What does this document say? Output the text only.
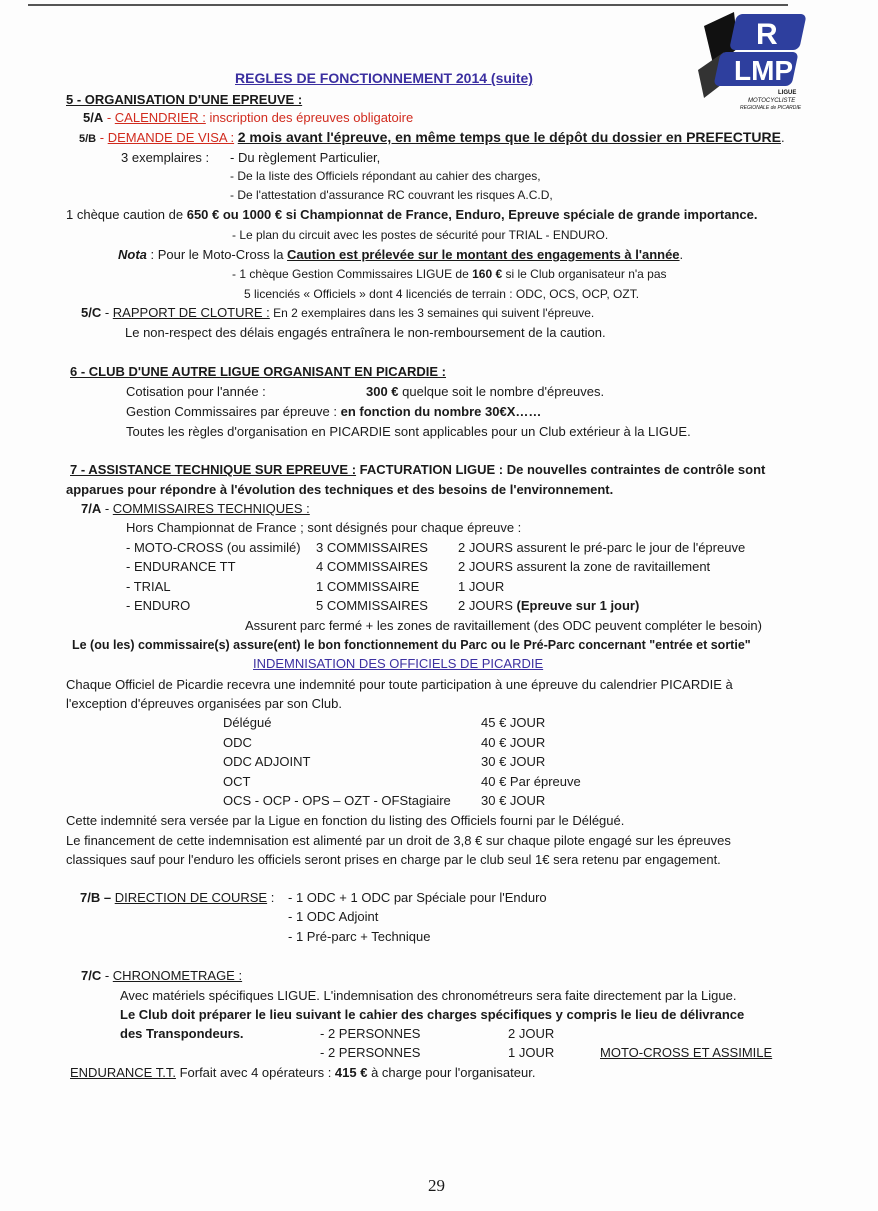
R
LMP
LIGUE
MOTOCYCLISTE
REGIONALE de PICARDIE
REGLES DE FONCTIONNEMENT 2014 (suite)
5 - ORGANISATION D'UNE EPREUVE :
5/A - CALENDRIER : inscription des épreuves obligatoire
5/B - DEMANDE DE VISA : 2 mois avant l'épreuve, en même temps que le dépôt du dossier en PREFECTURE.
3 exemplaires : - Du règlement Particulier,
- De la liste des Officiels répondant au cahier des charges,
- De l'attestation d'assurance RC couvrant les risques A.C.D,
1 chèque caution de 650 € ou 1000 € si Championnat de France, Enduro, Epreuve spéciale de grande importance.
- Le plan du circuit avec les postes de sécurité pour TRIAL - ENDURO.
Nota : Pour le Moto-Cross la Caution est prélevée sur le montant des engagements à l'année.
- 1 chèque Gestion Commissaires LIGUE de 160 € si le Club organisateur n'a pas
5 licenciés « Officiels » dont 4 licenciés de terrain : ODC, OCS, OCP, OZT.
5/C - RAPPORT DE CLOTURE : En 2 exemplaires dans les 3 semaines qui suivent l'épreuve.
Le non-respect des délais engagés entraînera le non-remboursement de la caution.
6 - CLUB D'UNE AUTRE LIGUE ORGANISANT EN PICARDIE :
Cotisation pour l'année :	300 € quelque soit le nombre d'épreuves.
Gestion Commissaires par épreuve : en fonction du nombre 30€X……
Toutes les règles d'organisation en PICARDIE sont applicables pour un Club extérieur à la LIGUE.
7 - ASSISTANCE TECHNIQUE SUR EPREUVE : FACTURATION LIGUE : De nouvelles contraintes de contrôle sont
apparues pour répondre à l'évolution des techniques et des besoins de l'environnement.
7/A - COMMISSAIRES TECHNIQUES :
Hors Championnat de France ; sont désignés pour chaque épreuve :
- MOTO-CROSS (ou assimilé) 3 COMMISSAIRES 2 JOURS assurent le pré-parc le jour de l'épreuve
- ENDURANCE TT	4 COMMISSAIRES 2 JOURS assurent la zone de ravitaillement
- TRIAL	1 COMMISSAIRE	1 JOUR
- ENDURO	5 COMMISSAIRES 2 JOURS (Epreuve sur 1 jour)
Assurent parc fermé + les zones de ravitaillement (des ODC peuvent compléter le besoin)
Le (ou les) commissaire(s) assure(ent) le bon fonctionnement du Parc ou le Pré-Parc concernant "entrée et sortie"
INDEMNISATION DES OFFICIELS DE PICARDIE
Chaque Officiel de Picardie recevra une indemnité pour toute participation à une épreuve du calendrier PICARDIE à
l'exception d'épreuves organisées par son Club.
Délégué	45 € JOUR
ODC	40 € JOUR
ODC ADJOINT	30 € JOUR
OCT	40 € Par épreuve
OCS - OCP - OPS – OZT - OFStagiaire 30 € JOUR
Cette indemnité sera versée par la Ligue en fonction du listing des Officiels fourni par le Délégué.
Le financement de cette indemnisation est alimenté par un droit de 3,8 € sur chaque pilote engagé sur les épreuves
classiques sauf pour l'enduro les officiels seront prises en charge par le club seul 1€ sera retenu par engagement.
7/B – DIRECTION DE COURSE : - 1 ODC + 1 ODC par Spéciale pour l'Enduro
- 1 ODC Adjoint
- 1 Pré-parc + Technique
7/C - CHRONOMETRAGE :
Avec matériels spécifiques LIGUE. L'indemnisation des chronométreurs sera faite directement par la Ligue.
Le Club doit préparer le lieu suivant le cahier des charges spécifiques y compris le lieu de délivrance
des Transpondeurs.	- 2 PERSONNES	2 JOUR
- 2 PERSONNES	1 JOUR	MOTO-CROSS ET ASSIMILE
ENDURANCE T.T. Forfait avec 4 opérateurs : 415 € à charge pour l'organisateur.
29
